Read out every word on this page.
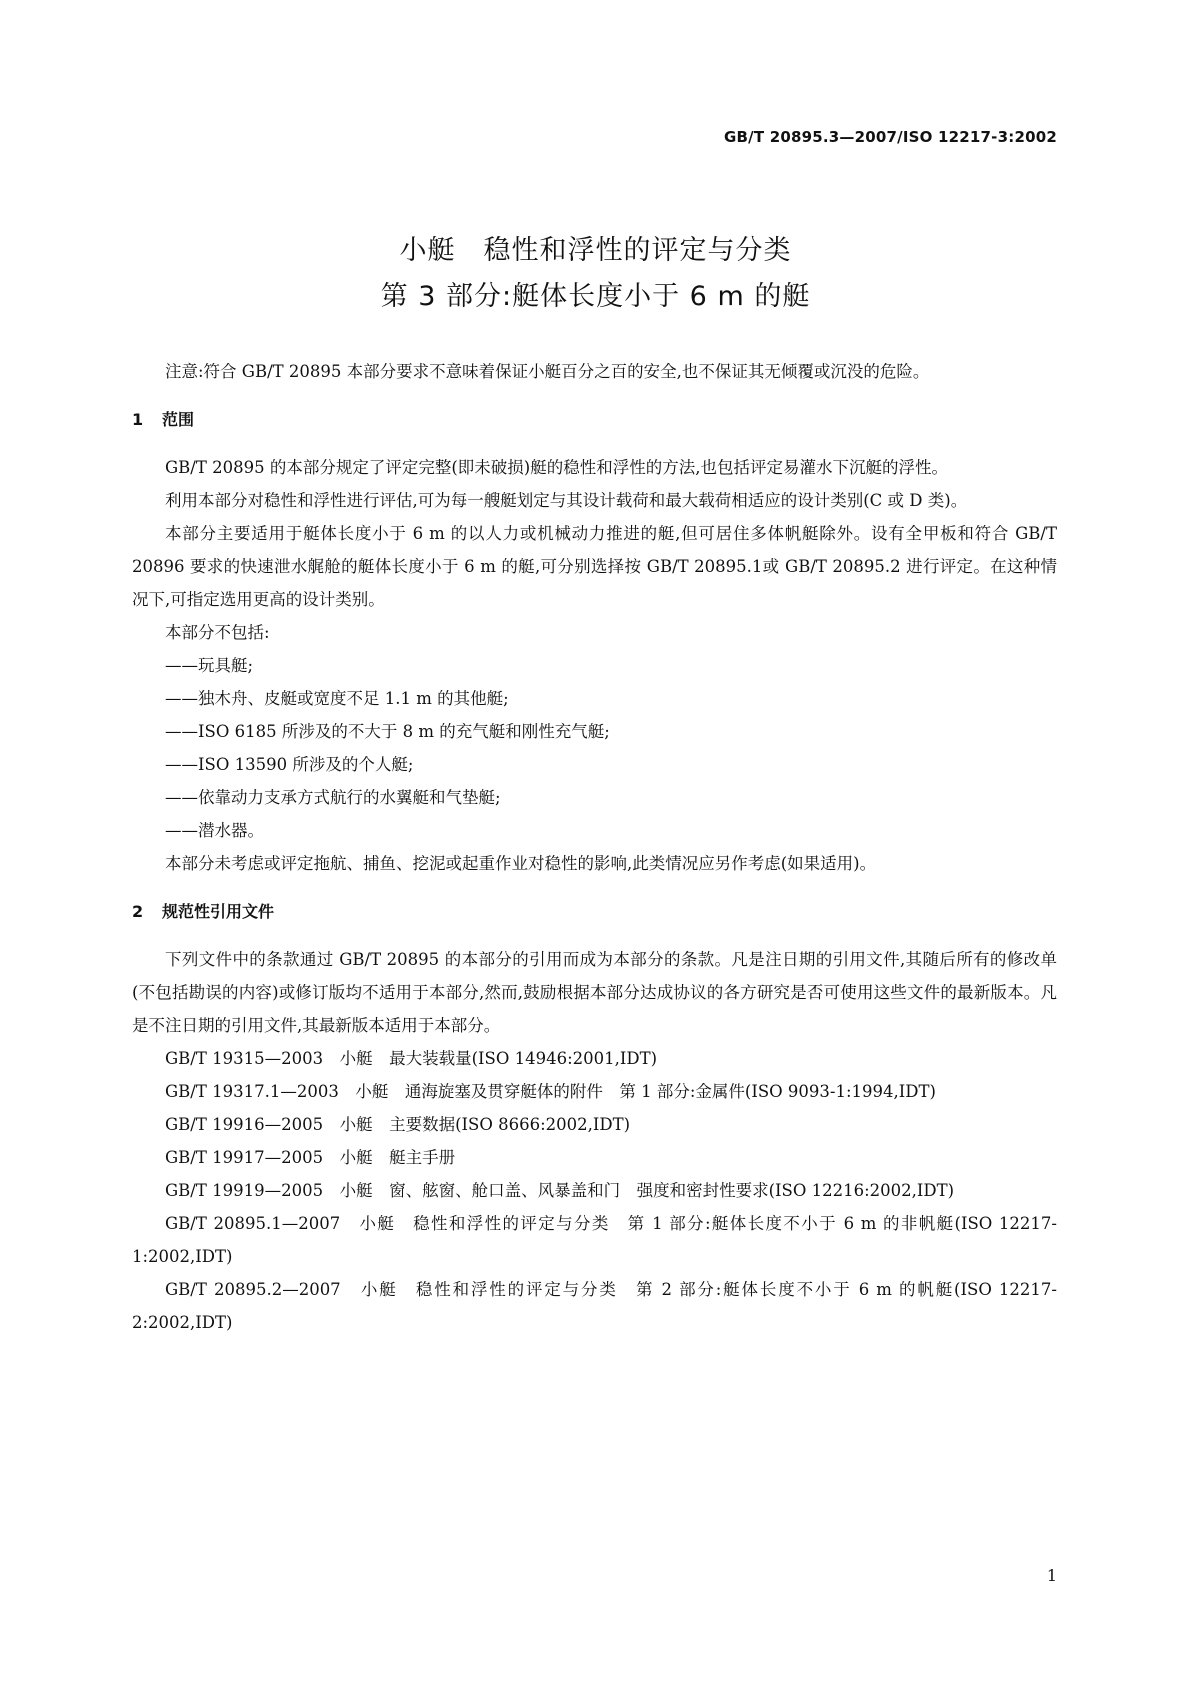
GB/T 20895.3—2007/ISO 12217-3:2002
小艇　稳性和浮性的评定与分类
第 3 部分:艇体长度小于 6 m 的艇

注意:符合 GB/T 20895 本部分要求不意味着保证小艇百分之百的安全,也不保证其无倾覆或沉没的危险。

1 范围

GB/T 20895 的本部分规定了评定完整(即未破损)艇的稳性和浮性的方法,也包括评定易灌水下沉艇的浮性。

利用本部分对稳性和浮性进行评估,可为每一艘艇划定与其设计载荷和最大载荷相适应的设计类别(C 或 D 类)。

本部分主要适用于艇体长度小于 6 m 的以人力或机械动力推进的艇,但可居住多体帆艇除外。设有全甲板和符合 GB/T 20896 要求的快速泄水艉舱的艇体长度小于 6 m 的艇,可分别选择按 GB/T 20895.1或 GB/T 20895.2 进行评定。在这种情况下,可指定选用更高的设计类别。

本部分不包括:

——玩具艇;

——独木舟、皮艇或宽度不足 1.1 m 的其他艇;

——ISO 6185 所涉及的不大于 8 m 的充气艇和刚性充气艇;

——ISO 13590 所涉及的个人艇;

——依靠动力支承方式航行的水翼艇和气垫艇;

——潜水器。

本部分未考虑或评定拖航、捕鱼、挖泥或起重作业对稳性的影响,此类情况应另作考虑(如果适用)。

2 规范性引用文件

下列文件中的条款通过 GB/T 20895 的本部分的引用而成为本部分的条款。凡是注日期的引用文件,其随后所有的修改单(不包括勘误的内容)或修订版均不适用于本部分,然而,鼓励根据本部分达成协议的各方研究是否可使用这些文件的最新版本。凡是不注日期的引用文件,其最新版本适用于本部分。

GB/T 19315—2003　小艇　最大装载量(ISO 14946:2001,IDT)

GB/T 19317.1—2003　小艇　通海旋塞及贯穿艇体的附件　第 1 部分:金属件(ISO 9093-1:1994,IDT)

GB/T 19916—2005　小艇　主要数据(ISO 8666:2002,IDT)

GB/T 19917—2005　小艇　艇主手册

GB/T 19919—2005　小艇　窗、舷窗、舱口盖、风暴盖和门　强度和密封性要求(ISO 12216:2002,IDT)

GB/T 20895.1—2007　小艇　稳性和浮性的评定与分类　第 1 部分:艇体长度不小于 6 m 的非帆艇(ISO 12217-1:2002,IDT)

GB/T 20895.2—2007　小艇　稳性和浮性的评定与分类　第 2 部分:艇体长度不小于 6 m 的帆艇(ISO 12217-2:2002,IDT)

1
